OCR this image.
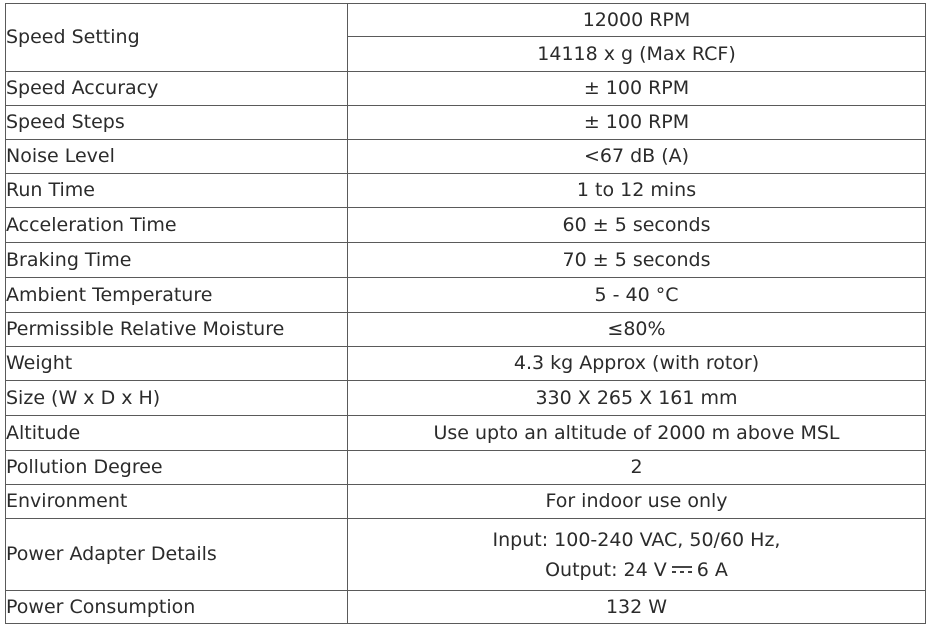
Speed Setting	12000 RPM
	14118 x g (Max RCF)
Speed Accuracy	± 100 RPM
Speed Steps	± 100 RPM
Noise Level	<67 dB (A)
Run Time	1 to 12 mins
Acceleration Time	60 ± 5 seconds
Braking Time	70 ± 5 seconds
Ambient Temperature	5 - 40 °C
Permissible Relative Moisture	≤80%
Weight	4.3 kg Approx (with rotor)
Size (W x D x H)	330 X 265 X 161 mm
Altitude	Use upto an altitude of 2000 m above MSL
Pollution Degree	2
Environment	For indoor use only
Power Adapter Details	Input: 100-240 VAC, 50/60 Hz,
Output: 24 V 6 A

Power Consumption	132 W
